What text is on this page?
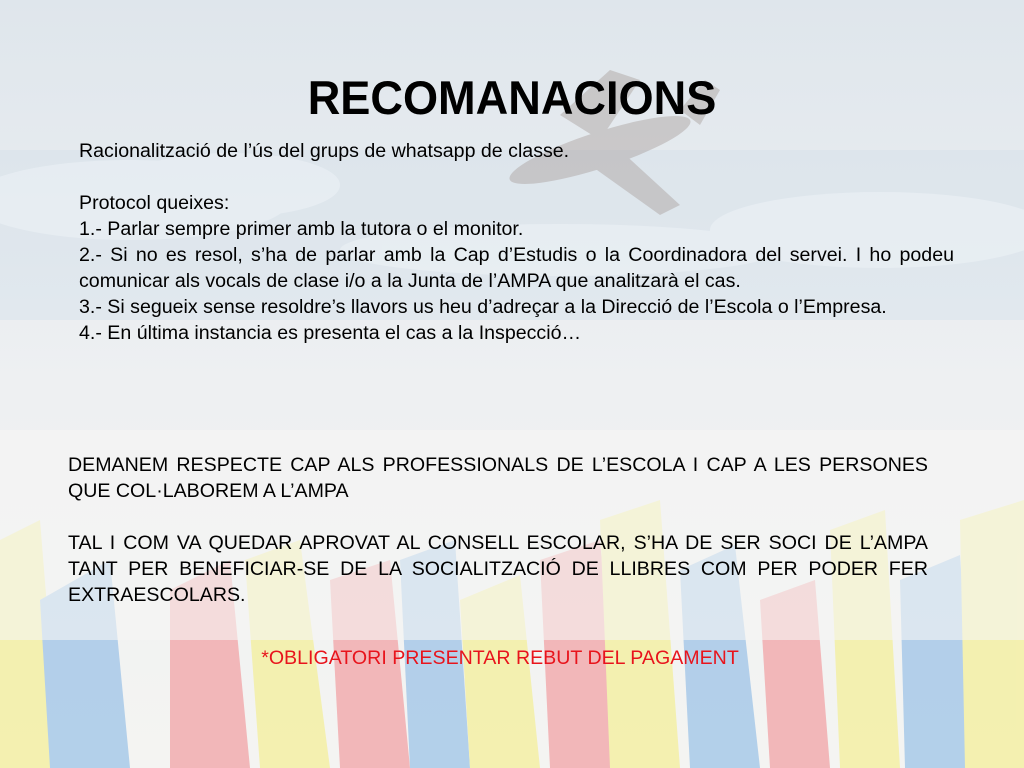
RECOMANACIONS
Racionalització de l’ús del grups de whatsapp de classe.
Protocol queixes:
1.- Parlar sempre primer amb la tutora o el monitor.
2.- Si no es resol, s’ha de parlar amb la Cap d’Estudis o la Coordinadora del servei. I ho podeu comunicar als vocals de clase i/o a la Junta de l’AMPA que analitzarà el cas.
3.- Si segueix sense resoldre’s llavors us heu d’adreçar a la Direcció de l’Escola o l’Empresa.
4.- En última instancia es presenta el cas a la Inspecció…
DEMANEM RESPECTE CAP ALS PROFESSIONALS DE L’ESCOLA I CAP A LES PERSONES QUE COL·LABOREM A L’AMPA
TAL I COM VA QUEDAR APROVAT AL CONSELL ESCOLAR, S’HA DE SER SOCI DE L’AMPA TANT PER BENEFICIAR-SE DE LA SOCIALITZACIÓ DE LLIBRES COM PER PODER FER EXTRAESCOLARS.
*OBLIGATORI PRESENTAR REBUT DEL PAGAMENT
